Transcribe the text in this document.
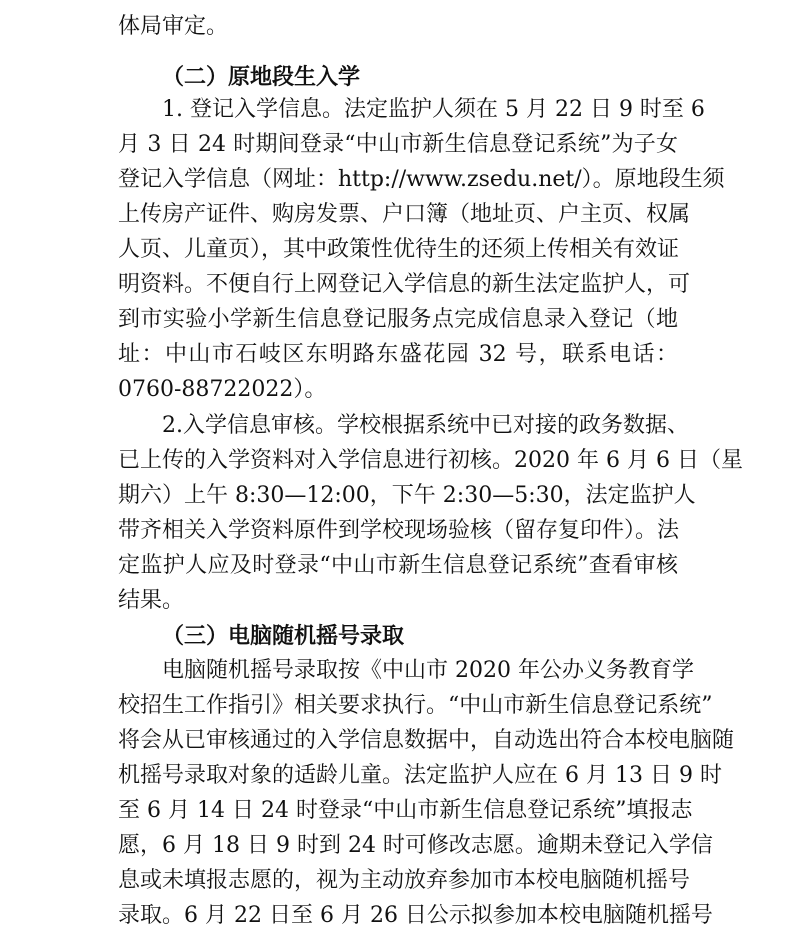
体局审定。
（二）原地段生入学
1. 登记入学信息。法定监护人须在 5 月 22 日 9 时至 6
月 3 日 24 时期间登录“中山市新生信息登记系统”为子女
登记入学信息（网址：http://www.zsedu.net/）。原地段生须
上传房产证件、购房发票、户口簿（地址页、户主页、权属
人页、儿童页），其中政策性优待生的还须上传相关有效证
明资料。不便自行上网登记入学信息的新生法定监护人，可
到市实验小学新生信息登记服务点完成信息录入登记（地
址：中山市石岐区东明路东盛花园 32 号，联系电话：
0760-88722022）。
2.入学信息审核。学校根据系统中已对接的政务数据、
已上传的入学资料对入学信息进行初核。2020 年 6 月 6 日（星
期六）上午 8:30—12:00，下午 2:30—5:30，法定监护人
带齐相关入学资料原件到学校现场验核（留存复印件）。法
定监护人应及时登录“中山市新生信息登记系统”查看审核
结果。
（三）电脑随机摇号录取
电脑随机摇号录取按《中山市 2020 年公办义务教育学
校招生工作指引》相关要求执行。“中山市新生信息登记系统”
将会从已审核通过的入学信息数据中，自动选出符合本校电脑随
机摇号录取对象的适龄儿童。法定监护人应在 6 月 13 日 9 时
至 6 月 14 日 24 时登录“中山市新生信息登记系统”填报志
愿，6 月 18 日 9 时到 24 时可修改志愿。逾期未登记入学信
息或未填报志愿的，视为主动放弃参加市本校电脑随机摇号
录取。6 月 22 日至 6 月 26 日公示拟参加本校电脑随机摇号
